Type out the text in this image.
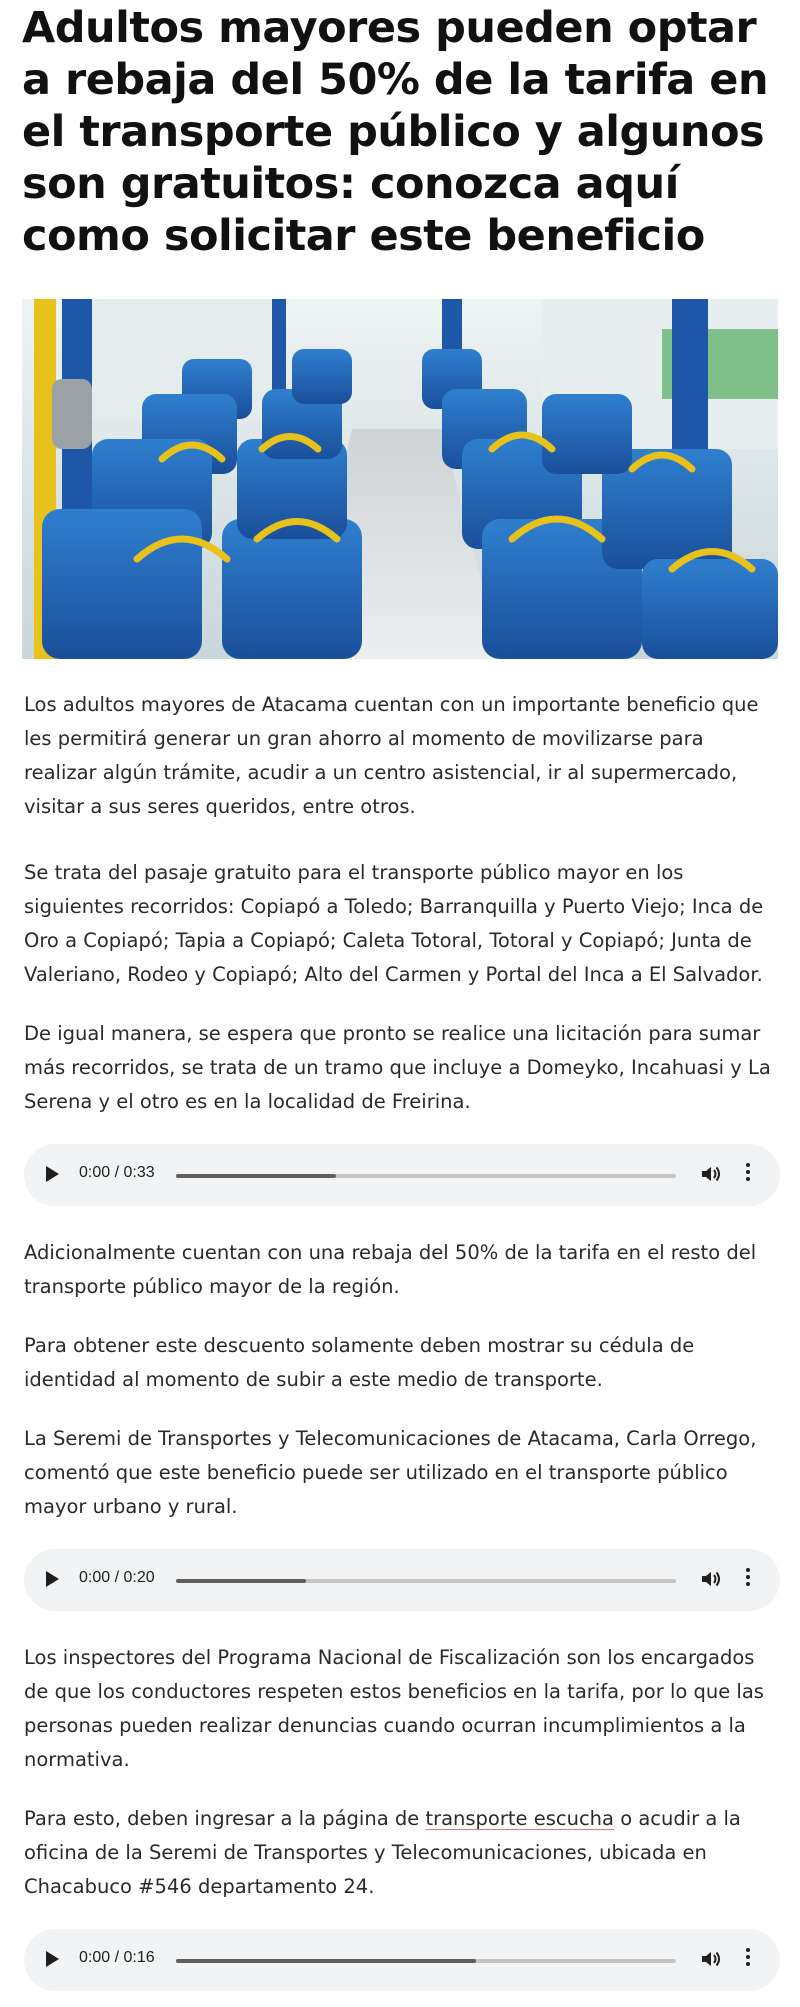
Adultos mayores pueden optar a rebaja del 50% de la tarifa en el transporte público y algunos son gratuitos: conozca aquí como solicitar este beneficio

Los adultos mayores de Atacama cuentan con un importante beneficio que les permitirá generar un gran ahorro al momento de movilizarse para realizar algún trámite, acudir a un centro asistencial, ir al supermercado, visitar a sus seres queridos, entre otros.

Se trata del pasaje gratuito para el transporte público mayor en los siguientes recorridos: Copiapó a Toledo; Barranquilla y Puerto Viejo; Inca de Oro a Copiapó; Tapia a Copiapó; Caleta Totoral, Totoral y Copiapó; Junta de Valeriano, Rodeo y Copiapó; Alto del Carmen y Portal del Inca a El Salvador.

De igual manera, se espera que pronto se realice una licitación para sumar más recorridos, se trata de un tramo que incluye a Domeyko, Incahuasi y La Serena y el otro es en la localidad de Freirina.

0:00 / 0:33

Adicionalmente cuentan con una rebaja del 50% de la tarifa en el resto del transporte público mayor de la región.

Para obtener este descuento solamente deben mostrar su cédula de identidad al momento de subir a este medio de transporte.

La Seremi de Transportes y Telecomunicaciones de Atacama, Carla Orrego, comentó que este beneficio puede ser utilizado en el transporte público mayor urbano y rural.

0:00 / 0:20

Los inspectores del Programa Nacional de Fiscalización son los encargados de que los conductores respeten estos beneficios en la tarifa, por lo que las personas pueden realizar denuncias cuando ocurran incumplimientos a la normativa.

Para esto, deben ingresar a la página de transporte escucha o acudir a la oficina de la Seremi de Transportes y Telecomunicaciones, ubicada en Chacabuco #546 departamento 24.

0:00 / 0:16
